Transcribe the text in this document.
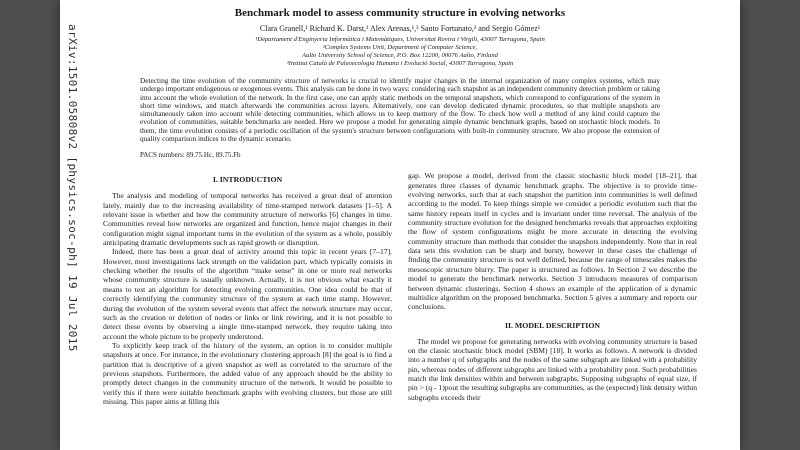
arXiv:1501.05808v2 [physics.soc-ph] 19 Jul 2015
Benchmark model to assess community structure in evolving networks
Clara Granell,¹ Richard K. Darst,² Alex Arenas,¹,³ Santo Fortunato,² and Sergio Gómez¹
¹Departament d'Enginyeria Informàtica i Matemàtiques, Universitat Rovira i Virgili, 43007 Tarragona, Spain
²Complex Systems Unit, Department of Computer Science,
Aalto University School of Science, P.O. Box 12200, 00076 Aalto, Finland
³Institut Català de Paleoecologia Humana i Evolució Social, 43007 Tarragona, Spain
Detecting the time evolution of the community structure of networks is crucial to identify major changes in the internal organization of many complex systems, which may undergo important endogenous or exogenous events. This analysis can be done in two ways: considering each snapshot as an independent community detection problem or taking into account the whole evolution of the network. In the first case, one can apply static methods on the temporal snapshots, which correspond to configurations of the system in short time windows, and match afterwards the communities across layers. Alternatively, one can develop dedicated dynamic procedures, so that multiple snapshots are simultaneously taken into account while detecting communities, which allows us to keep memory of the flow. To check how well a method of any kind could capture the evolution of communities, suitable benchmarks are needed. Here we propose a model for generating simple dynamic benchmark graphs, based on stochastic block models. In them, the time evolution consists of a periodic oscillation of the system's structure between configurations with built-in community structure. We also propose the extension of quality comparison indices to the dynamic scenario.
PACS numbers: 89.75.Hc, 89.75.Fb
I. INTRODUCTION

The analysis and modeling of temporal networks has received a great deal of attention lately, mainly due to the increasing availability of time-stamped network datasets [1–5]. A relevant issue is whether and how the community structure of networks [6] changes in time. Communities reveal how networks are organized and function, hence major changes in their configuration might signal important turns in the evolution of the system as a whole, possibly anticipating dramatic developments such as rapid growth or disruption.

Indeed, there has been a great deal of activity around this topic in recent years [7–17]. However, most investigations lack strength on the validation part, which typically consists in checking whether the results of the algorithm “make sense” in one or more real networks whose community structure is usually unknown. Actually, it is not obvious what exactly it means to test an algorithm for detecting evolving communities. One idea could be that of correctly identifying the community structure of the system at each time stamp. However, during the evolution of the system several events that affect the network structure may occur, such as the creation or deletion of nodes or links or link rewiring, and it is not possible to detect these events by observing a single time-stamped network, they require taking into account the whole picture to be properly understood.

To explicitly keep track of the history of the system, an option is to consider multiple snapshots at once. For instance, in the evolutionary clustering approach [8] the goal is to find a partition that is descriptive of a given snapshot as well as correlated to the structure of the previous snapshots. Furthermore, the added value of any approach should be the ability to promptly detect changes in the community structure of the network. It would be possible to verify this if there were suitable benchmark graphs with evolving clusters, but those are still missing. This paper aims at filling this

gap. We propose a model, derived from the classic stochastic block model [18–21], that generates three classes of dynamic benchmark graphs. The objective is to provide time-evolving networks, such that at each snapshot the partition into communities is well defined according to the model. To keep things simple we consider a periodic evolution such that the same history repeats itself in cycles and is invariant under time reversal. The analysis of the community structure evolution for the designed benchmarks reveals that approaches exploiting the flow of system configurations might be more accurate in detecting the evolving community structure than methods that consider the snapshots independently. Note that in real data sets this evolution can be sharp and bursty, however in these cases the challenge of finding the community structure is not well defined, because the range of timescales makes the mesoscopic structure blurry. The paper is structured as follows. In Section 2 we describe the model to generate the benchmark networks. Section 3 introduces measures of comparison between dynamic clusterings, Section 4 shows an example of the application of a dynamic multislice algorithm on the proposed benchmarks. Section 5 gives a summary and reports our conclusions.

II. MODEL DESCRIPTION

The model we propose for generating networks with evolving community structure is based on the classic stochastic block model (SBM) [18]. It works as follows. A network is divided into a number q of subgraphs and the nodes of the same subgraph are linked with a probability pin, whereas nodes of different subgraphs are linked with a probability pout. Such probabilities match the link densities within and between subgraphs. Supposing subgraphs of equal size, if pin > (q - 1)pout the resulting subgraphs are communities, as the (expected) link density within subgraphs exceeds their
